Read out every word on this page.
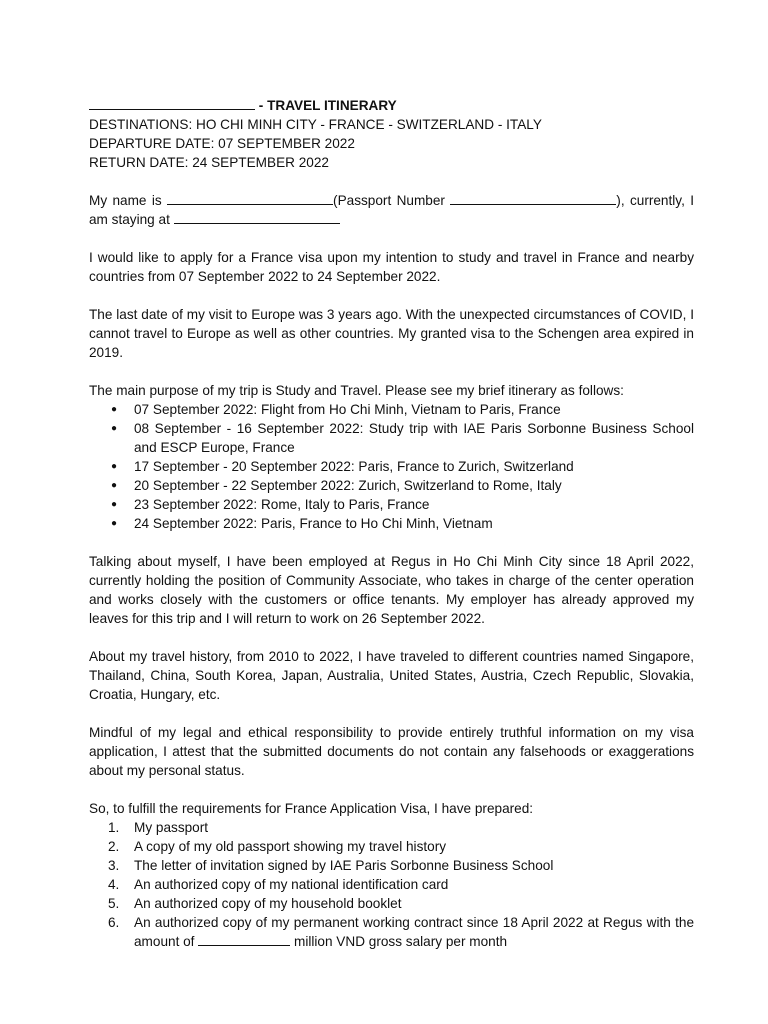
- TRAVEL ITINERARY
DESTINATIONS: HO CHI MINH CITY - FRANCE - SWITZERLAND - ITALY
DEPARTURE DATE: 07 SEPTEMBER 2022
RETURN DATE: 24 SEPTEMBER 2022

My name is	(Passport Number	), currently, I am staying at

I would like to apply for a France visa upon my intention to study and travel in France and nearby countries from 07 September 2022 to 24 September 2022.

The last date of my visit to Europe was 3 years ago. With the unexpected circumstances of COVID, I cannot travel to Europe as well as other countries. My granted visa to the Schengen area expired in 2019.

The main purpose of my trip is Study and Travel. Please see my brief itinerary as follows:

● 07 September 2022: Flight from Ho Chi Minh, Vietnam to Paris, France
● 08 September - 16 September 2022: Study trip with IAE Paris Sorbonne Business School and ESCP Europe, France
● 17 September - 20 September 2022: Paris, France to Zurich, Switzerland
● 20 September - 22 September 2022: Zurich, Switzerland to Rome, Italy
● 23 September 2022: Rome, Italy to Paris, France
● 24 September 2022: Paris, France to Ho Chi Minh, Vietnam

Talking about myself, I have been employed at Regus in Ho Chi Minh City since 18 April 2022, currently holding the position of Community Associate, who takes in charge of the center operation and works closely with the customers or office tenants. My employer has already approved my leaves for this trip and I will return to work on 26 September 2022.

About my travel history, from 2010 to 2022, I have traveled to different countries named Singapore, Thailand, China, South Korea, Japan, Australia, United States, Austria, Czech Republic, Slovakia, Croatia, Hungary, etc.

Mindful of my legal and ethical responsibility to provide entirely truthful information on my visa application, I attest that the submitted documents do not contain any falsehoods or exaggerations about my personal status.

So, to fulfill the requirements for France Application Visa, I have prepared:

1. My passport
2. A copy of my old passport showing my travel history
3. The letter of invitation signed by IAE Paris Sorbonne Business School
4. An authorized copy of my national identification card
5. An authorized copy of my household booklet
6. An authorized copy of my permanent working contract since 18 April 2022 at Regus with the amount of	million VND gross salary per month
